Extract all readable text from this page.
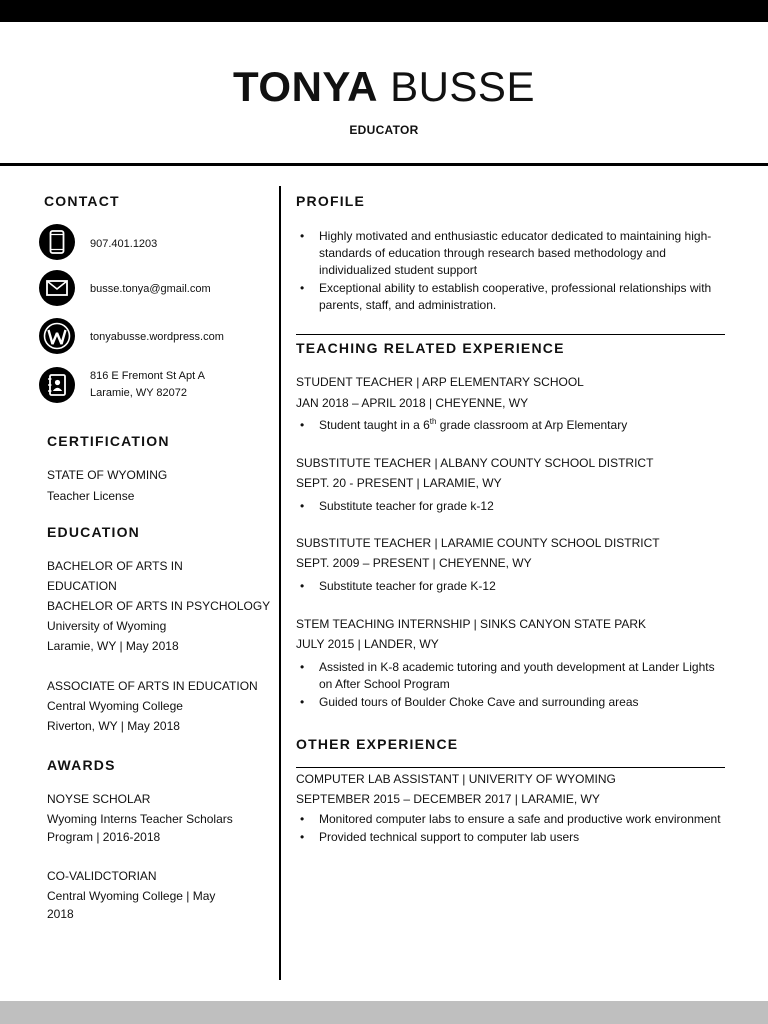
TONYA BUSSE
EDUCATOR
CONTACT
907.401.1203
busse.tonya@gmail.com
tonyabusse.wordpress.com
816 E Fremont St Apt A
Laramie, WY 82072
CERTIFICATION
STATE OF WYOMING
Teacher License
EDUCATION
BACHELOR OF ARTS IN
EDUCATION
BACHELOR OF ARTS IN PSYCHOLOGY
University of Wyoming
Laramie, WY | May 2018
ASSOCIATE OF ARTS IN EDUCATION
Central Wyoming College
Riverton, WY | May 2018
AWARDS
NOYSE SCHOLAR
Wyoming Interns Teacher Scholars
Program | 2016-2018
CO-VALIDCTORIAN
Central Wyoming College | May
2018
PROFILE
• Highly motivated and enthusiastic educator dedicated to maintaining high-standards of education through research based methodology and individualized student support
• Exceptional ability to establish cooperative, professional relationships with parents, staff, and administration.
TEACHING RELATED EXPERIENCE
STUDENT TEACHER | ARP ELEMENTARY SCHOOL
JAN 2018 – APRIL 2018 | CHEYENNE, WY
• Student taught in a 6th grade classroom at Arp Elementary
SUBSTITUTE TEACHER | ALBANY COUNTY SCHOOL DISTRICT
SEPT. 20 - PRESENT | LARAMIE, WY
• Substitute teacher for grade k-12
SUBSTITUTE TEACHER | LARAMIE COUNTY SCHOOL DISTRICT
SEPT. 2009 – PRESENT | CHEYENNE, WY
• Substitute teacher for grade K-12
STEM TEACHING INTERNSHIP | SINKS CANYON STATE PARK
JULY 2015 | LANDER, WY
• Assisted in K-8 academic tutoring and youth development at Lander Lights on After School Program
• Guided tours of Boulder Choke Cave and surrounding areas
OTHER EXPERIENCE
COMPUTER LAB ASSISTANT | UNIVERITY OF WYOMING
SEPTEMBER 2015 – DECEMBER 2017 | LARAMIE, WY
• Monitored computer labs to ensure a safe and productive work environment
• Provided technical support to computer lab users
